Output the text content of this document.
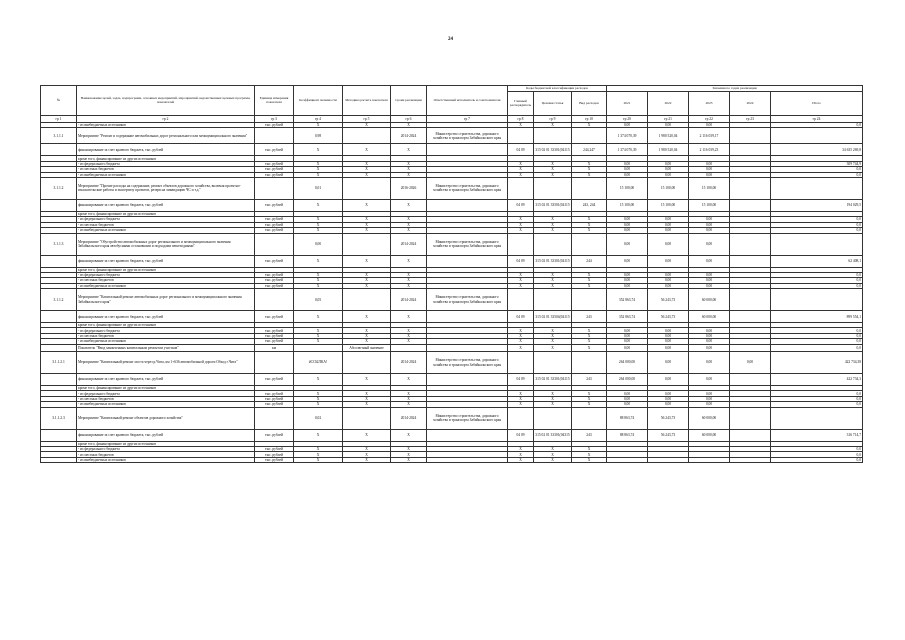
24
№	Наименование целей, задач, подпрограмм, основных мероприятий, мероприятий, ведомственных целевых программ, показателей	Единица измерения показателя	Коэффициент значимости	Методика расчета показателя	Сроки реализации	Ответственный исполнитель и соисполнители	Коды бюджетной классификации расходов			Значения по годам реализации				
							Главный распорядитель	Целевая статья	Вид расходов	2021	2022	2023	2024	Итого
гр 1	гр 2	гр 3	гр 4	гр 5	гр 6	гр 7	гр 8	гр 9	гр 10	гр 20	гр 21	гр 22	гр 23	гр 24
	- из внебюджетных источников	тыс. рублей	X	X	X		X	X	X	0,00	0,00	0,00		0,0
3.1.1.1	Мероприятие "Ремонт и содержание автомобильных дорог регионального или межмуниципального значения"		0,98		2014-2024	Министерство строительства, дорожного хозяйства и транспорта Забайкальского края				1 374 070,39	1 980 520,04	2 116 039,17		
	финансирование за счет краевого бюджета, тыс. рублей	тыс. рублей	X	X	X		04 09	315 02 01 33301(04115	244,247	1 374 070,39	1 980 520,04	2 116 039,23		34 635 269,8
	кроме того, финансирование из других источников													
	- из федерального бюджета	тыс. рублей	X	X	X		X	X	X	0,00	0,00	0,00		309 744,9
	- из местных бюджетов	тыс. рублей	X	X	X		X	X	X	0,00	0,00	0,00		0,0
	- из внебюджетных источников	тыс. рублей	X	X	X		X	X	X	0,00	0,00	0,00		0,0
3.1.1.2	Мероприятие "Прочие расходы на содержание, ремонт объектов дорожного хозяйства, включая проектно-изыскательские работы и экспертизу проектов, резерв на ликвидацию ЧС и т.д."		0,01		2016-2026	Министерство строительства, дорожного хозяйства и транспорта Забайкальского края				15 100,00	15 100,00	15 100,00		
	финансирование за счет краевого бюджета, тыс. рублей	тыс. рублей	X	X	X		04 09	315 02 01 33501(04115	243, 244	15 100,00	15 100,00	15 100,00		194 029,5
	кроме того, финансирование из других источников													
	- из федерального бюджета	тыс. рублей	X	X	X		X	X	X	0,00	0,00	0,00		0,0
	- из местных бюджетов	тыс. рублей	X	X	X		X	X	X	0,00	0,00	0,00		0,0
	- из внебюджетных источников	тыс. рублей	X	X	X		X	X	X	0,00	0,00	0,00		0,0
3.1.1.3	Мероприятие "Обустройство автомобильных дорог регионального и межмуниципального значения Забайкальского края автобусными остановками и подходами пешеходными"		0,00		2014-2024	Министерство строительства, дорожного хозяйства и транспорта Забайкальского края				0,00	0,00	0,00		
	финансирование за счет краевого бюджета, тыс. рублей	тыс. рублей	X	X	X		04 09	315 02 01 33301(04115	244	0,00	0,00	0,00		62 408,1
	кроме того, финансирование из других источников													
	- из федерального бюджета	тыс. рублей	X	X	X		X	X	X	0,00	0,00	0,00		0,0
	- из местных бюджетов	тыс. рублей	X	X	X		X	X	X	0,00	0,00	0,00		0,0
	- из внебюджетных источников	тыс. рублей	X	X	X		X	X	X	0,00	0,00	0,00		0,0
3.1.1.2	Мероприятие "Капитальный ремонт автомобильных дорог регионального и межмуниципального значения Забайкальского края"		0,05		2014-2024	Министерство строительства, дорожного хозяйства и транспорта Забайкальского края				352 863,74	56 243,73	60 000,00		
	финансирование за счет краевого бюджета, тыс. рублей	тыс. рублей	X	X	X		04 09	315 02 01 33504(04115	243	352 863,74	56 243,73	60 000,00		899 554,1
	кроме того, финансирование из других источников													
	- из федерального бюджета	тыс. рублей	X	X	X		X	X	X	0,00	0,00	0,00		0,0
	- из местных бюджетов	тыс. рублей	X	X	X		X	X	X	0,00	0,00	0,00		0,0
	- из внебюджетных источников	тыс. рублей	X	X	X		X	X	X	0,00	0,00	0,00		0,0
	Показатель "Ввод законченных капитальным ремонтом участков"	км		Абсолютный значение			X	X	X	0,00	0,00	0,00		0,0
3.1.1.2.1	Мероприятие "Капитальный ремонт моста через р.Чита, км 1+636 автомобильной дороги Обход г.Чита"		#ССЫЛКА!		2014-2024	Министерство строительства, дорожного хозяйства и транспорта Забайкальского края				264 000,00	0,00	0,00	0,00	422 734,38
	финансирование за счет краевого бюджета, тыс. рублей	тыс. рублей	X	X	X		04 09	315 02 01 33301(04115	243	264 000,00	0,00	0,00		422 734,3
	кроме того, финансирование из других источников													
	- из федерального бюджета	тыс. рублей	X	X	X		X	X	X	0,00	0,00	0,00		0,0
	- из местных бюджетов	тыс. рублей	X	X	X		X	X	X	0,00	0,00	0,00		0,0
	- из внебюджетных источников	тыс. рублей	X	X	X		X	X	X	0,00	0,00	0,00		0,0
3.1.1.2.3	Мероприятие "Капитальный ремонт объектов дорожного хозяйства"		0,02		2014-2024	Министерство строительства, дорожного хозяйства и транспорта Забайкальского края				88 863,74	56 243,73	60 000,00		
	финансирование за счет краевого бюджета, тыс. рублей	тыс. рублей	X	X	X		04 09	315 02 01 33301(04315	243	88 863,74	56 243,73	60 000,00		316 714,7
	кроме того, финансирование из других источников													
	- из федерального бюджета	тыс. рублей	X	X	X		X	X	X					0,0
	- из местных бюджетов	тыс. рублей	X	X	X		X	X	X					0,0
	- из внебюджетных источников	тыс. рублей	X	X	X		X	X	X					0,0
